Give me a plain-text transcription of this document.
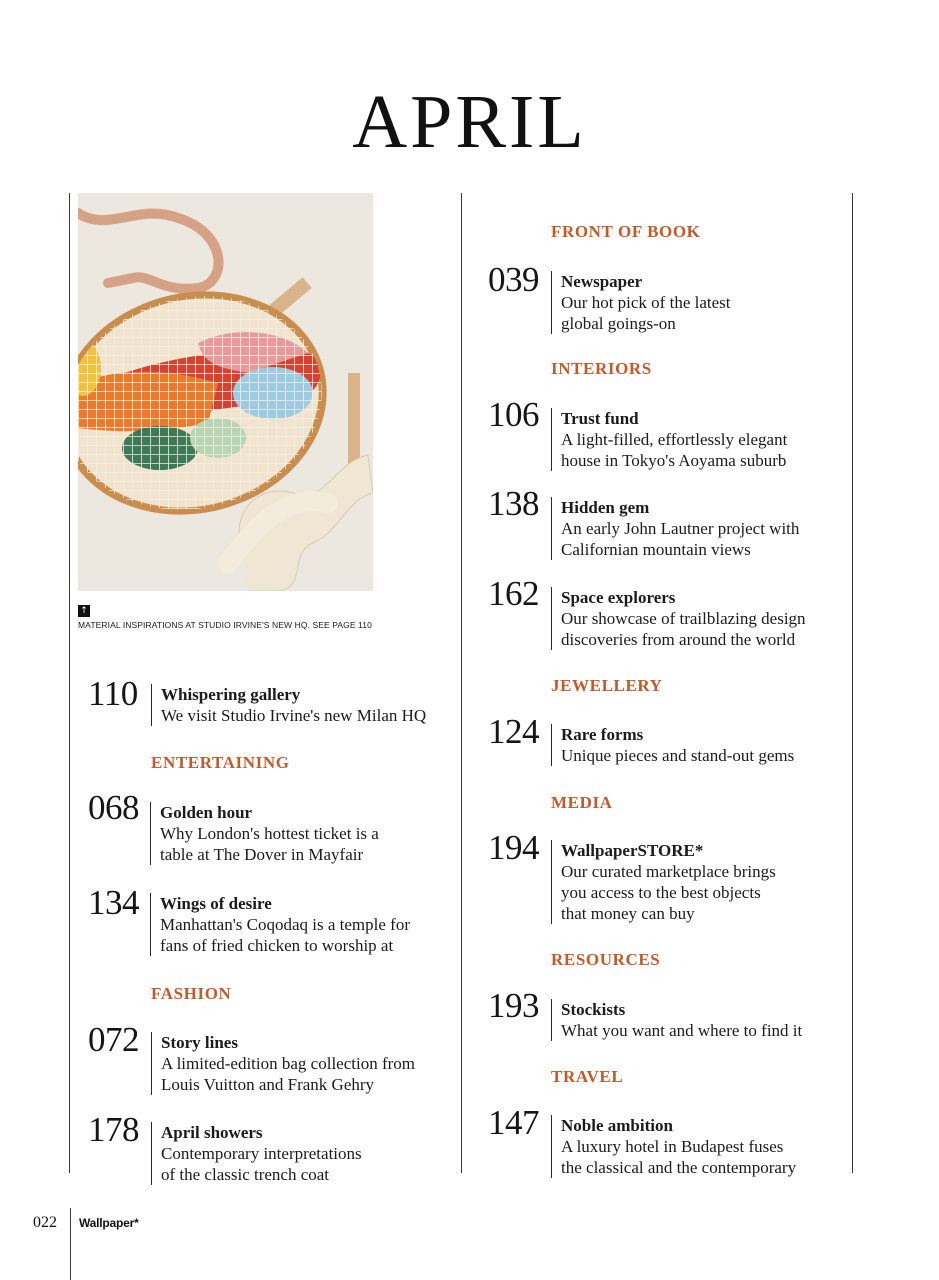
APRIL
↑
MATERIAL INSPIRATIONS AT STUDIO IRVINE'S NEW HQ. SEE PAGE 110
110 Whispering gallery
We visit Studio Irvine's new Milan HQ
ENTERTAINING
068 Golden hour
Why London's hottest ticket is a
table at The Dover in Mayfair
134 Wings of desire
Manhattan's Coqodaq is a temple for
fans of fried chicken to worship at
FASHION
072 Story lines
A limited-edition bag collection from
Louis Vuitton and Frank Gehry
178 April showers
Contemporary interpretations
of the classic trench coat
FRONT OF BOOK
039 Newspaper
Our hot pick of the latest
global goings-on
INTERIORS
106 Trust fund
A light-filled, effortlessly elegant
house in Tokyo's Aoyama suburb
138 Hidden gem
An early John Lautner project with
Californian mountain views
162 Space explorers
Our showcase of trailblazing design
discoveries from around the world
JEWELLERY
124 Rare forms
Unique pieces and stand-out gems
MEDIA
194 WallpaperSTORE*
Our curated marketplace brings
you access to the best objects
that money can buy
RESOURCES
193 Stockists
What you want and where to find it
TRAVEL
147 Noble ambition
A luxury hotel in Budapest fuses
the classical and the contemporary
022 Wallpaper*
